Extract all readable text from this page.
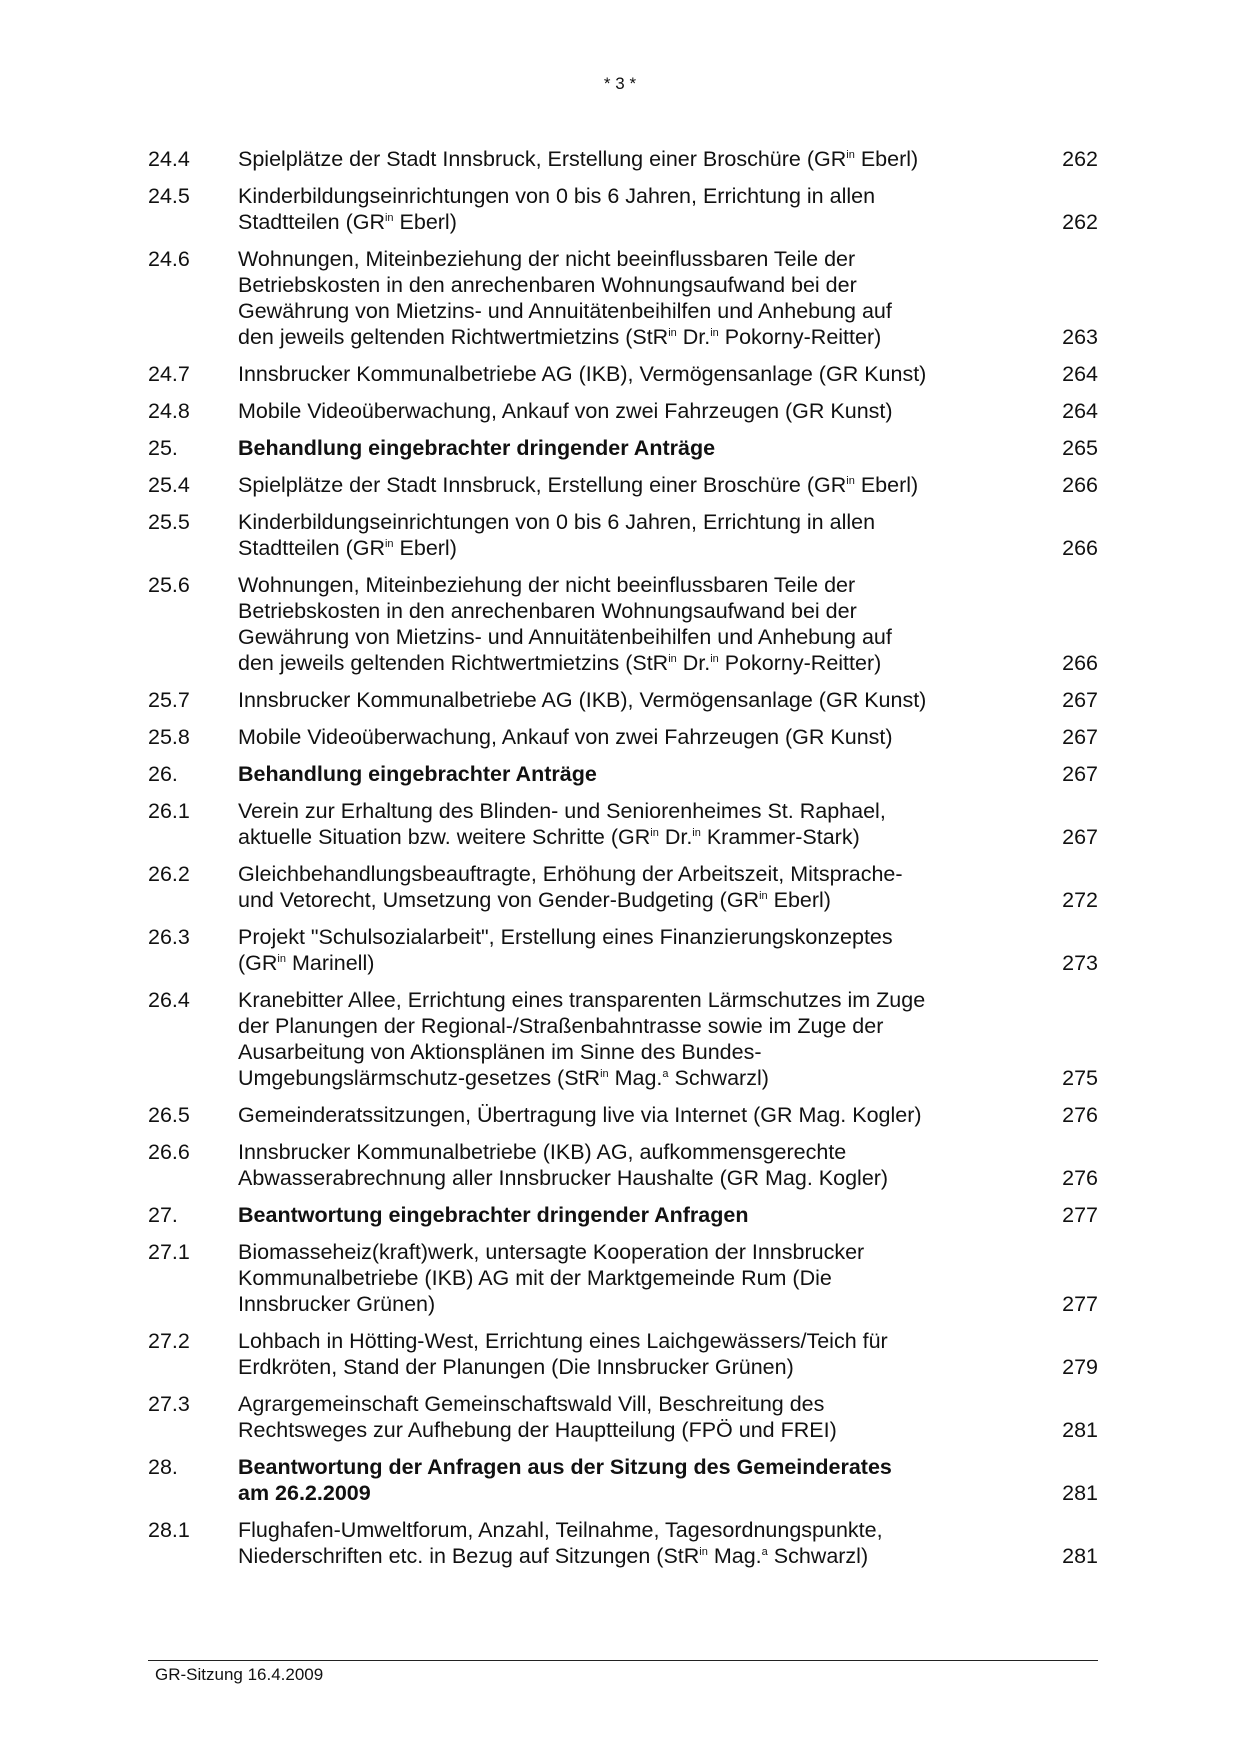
* 3 *
24.4	Spielplätze der Stadt Innsbruck, Erstellung einer Broschüre ($GR^{in}$ Eberl)	262
24.5	Kinderbildungseinrichtungen von 0 bis 6 Jahren, Errichtung in allen
Stadtteilen ($GR^{in}$ Eberl)	262
24.6	Wohnungen, Miteinbeziehung der nicht beeinflussbaren Teile der
Betriebskosten in den anrechenbaren Wohnungsaufwand bei der
Gewährung von Mietzins- und Annuitätenbeihilfen und Anhebung auf
den jeweils geltenden Richtwertmietzins (StR$^{in}$ Dr.$^{in}$ Pokorny-Reitter)	263
24.7	Innsbrucker Kommunalbetriebe AG (IKB), Vermögensanlage (GR Kunst)	264
24.8	Mobile Videoüberwachung, Ankauf von zwei Fahrzeugen (GR Kunst)	264
25.	Behandlung eingebrachter dringender Anträge	265
25.4	Spielplätze der Stadt Innsbruck, Erstellung einer Broschüre ($GR^{in}$ Eberl)	266
25.5	Kinderbildungseinrichtungen von 0 bis 6 Jahren, Errichtung in allen
Stadtteilen ($GR^{in}$ Eberl)	266
25.6	Wohnungen, Miteinbeziehung der nicht beeinflussbaren Teile der
Betriebskosten in den anrechenbaren Wohnungsaufwand bei der
Gewährung von Mietzins- und Annuitätenbeihilfen und Anhebung auf
den jeweils geltenden Richtwertmietzins (StR$^{in}$ Dr.$^{in}$ Pokorny-Reitter)	266
25.7	Innsbrucker Kommunalbetriebe AG (IKB), Vermögensanlage (GR Kunst)	267
25.8	Mobile Videoüberwachung, Ankauf von zwei Fahrzeugen (GR Kunst)	267
26.	Behandlung eingebrachter Anträge	267
26.1	Verein zur Erhaltung des Blinden- und Seniorenheimes St. Raphael,
aktuelle Situation bzw. weitere Schritte ($GR^{in}$ Dr.$^{in}$ Krammer-Stark)	267
26.2	Gleichbehandlungsbeauftragte, Erhöhung der Arbeitszeit, Mitsprache-
und Vetorecht, Umsetzung von Gender-Budgeting ($GR^{in}$ Eberl)	272
26.3	Projekt "Schulsozialarbeit", Erstellung eines Finanzierungskonzeptes
($GR^{in}$ Marinell)	273
26.4	Kranebitter Allee, Errichtung eines transparenten Lärmschutzes im Zuge
der Planungen der Regional-/Straßenbahntrasse sowie im Zuge der
Ausarbeitung von Aktionsplänen im Sinne des Bundes-
Umgebungslärmschutz-gesetzes (StR$^{in}$ Mag.$^a$ Schwarzl)	275
26.5	Gemeinderatssitzungen, Übertragung live via Internet (GR Mag. Kogler)	276
26.6	Innsbrucker Kommunalbetriebe (IKB) AG, aufkommensgerechte
Abwasserabrechnung aller Innsbrucker Haushalte (GR Mag. Kogler)	276
27.	Beantwortung eingebrachter dringender Anfragen	277
27.1	Biomasseheiz(kraft)werk, untersagte Kooperation der Innsbrucker
Kommunalbetriebe (IKB) AG mit der Marktgemeinde Rum (Die
Innsbrucker Grünen)	277
27.2	Lohbach in Hötting-West, Errichtung eines Laichgewässers/Teich für
Erdkröten, Stand der Planungen (Die Innsbrucker Grünen)	279
27.3	Agrargemeinschaft Gemeinschaftswald Vill, Beschreitung des
Rechtsweges zur Aufhebung der Hauptteilung (FPÖ und FREI)	281
28.	Beantwortung der Anfragen aus der Sitzung des Gemeinderates
am 26.2.2009	281
28.1	Flughafen-Umweltforum, Anzahl, Teilnahme, Tagesordnungspunkte,
Niederschriften etc. in Bezug auf Sitzungen (StR$^{in}$ Mag.$^a$ Schwarzl)	281
GR-Sitzung 16.4.2009
